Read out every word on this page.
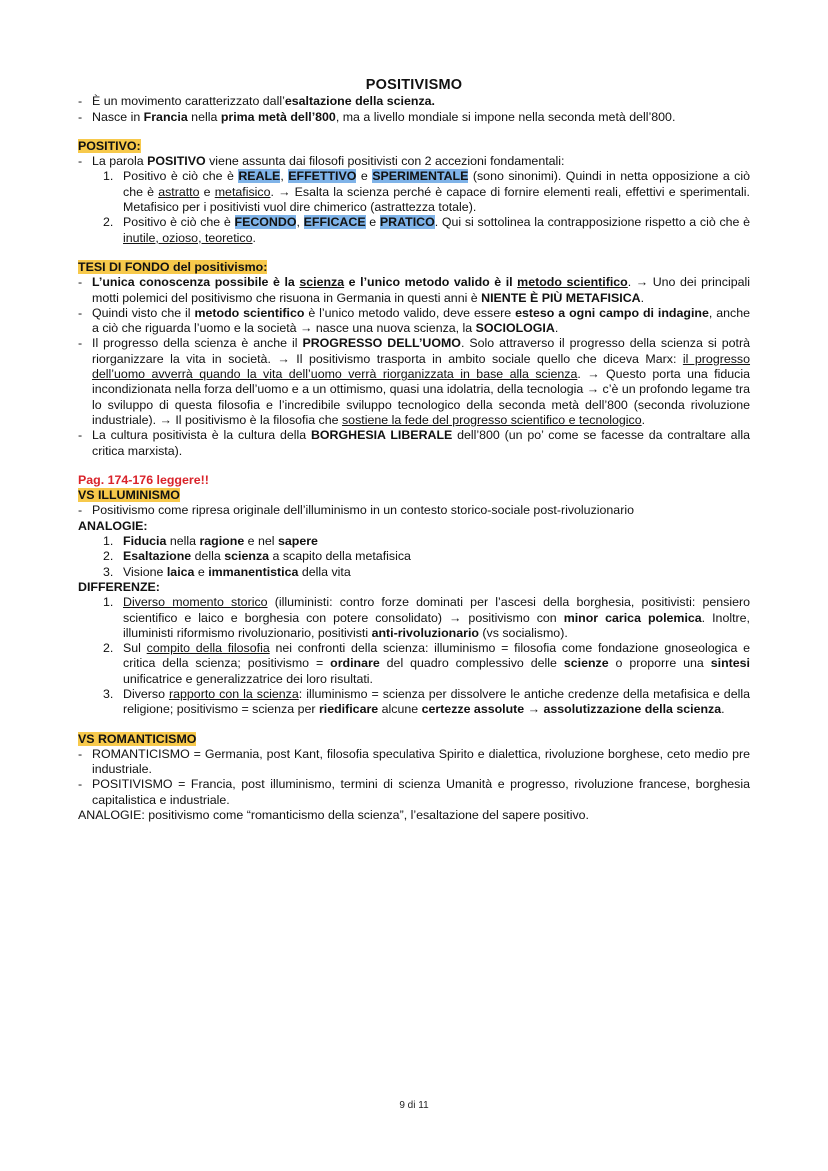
POSITIVISMO
- È un movimento caratterizzato dall’esaltazione della scienza.
- Nasce in Francia nella prima metà dell’800, ma a livello mondiale si impone nella seconda metà dell’800.
POSITIVO:
- La parola POSITIVO viene assunta dai filosofi positivisti con 2 accezioni fondamentali:
1. Positivo è ciò che è REALE, EFFETTIVO e SPERIMENTALE (sono sinonimi). Quindi in netta opposizione a ciò che è astratto e metafisico. → Esalta la scienza perché è capace di fornire elementi reali, effettivi e sperimentali. Metafisico per i positivisti vuol dire chimerico (astrattezza totale).
2. Positivo è ciò che è FECONDO, EFFICACE e PRATICO. Qui si sottolinea la contrapposizione rispetto a ciò che è inutile, ozioso, teoretico.
TESI DI FONDO del positivismo:
- L’unica conoscenza possibile è la scienza e l’unico metodo valido è il metodo scientifico. → Uno dei principali motti polemici del positivismo che risuona in Germania in questi anni è NIENTE È PIÙ METAFISICA.
- Quindi visto che il metodo scientifico è l’unico metodo valido, deve essere esteso a ogni campo di indagine, anche a ciò che riguarda l’uomo e la società → nasce una nuova scienza, la SOCIOLOGIA.
- Il progresso della scienza è anche il PROGRESSO DELL’UOMO. Solo attraverso il progresso della scienza si potrà riorganizzare la vita in società. → Il positivismo trasporta in ambito sociale quello che diceva Marx: il progresso dell’uomo avverrà quando la vita dell’uomo verrà riorganizzata in base alla scienza. → Questo porta una fiducia incondizionata nella forza dell’uomo e a un ottimismo, quasi una idolatria, della tecnologia → c’è un profondo legame tra lo sviluppo di questa filosofia e l’incredibile sviluppo tecnologico della seconda metà dell’800 (seconda rivoluzione industriale). → Il positivismo è la filosofia che sostiene la fede del progresso scientifico e tecnologico.
- La cultura positivista è la cultura della BORGHESIA LIBERALE dell’800 (un po’ come se facesse da contraltare alla critica marxista).
Pag. 174-176 leggere!!
VS ILLUMINISMO
- Positivismo come ripresa originale dell’illuminismo in un contesto storico-sociale post-rivoluzionario
ANALOGIE:
1. Fiducia nella ragione e nel sapere
2. Esaltazione della scienza a scapito della metafisica
3. Visione laica e immanentistica della vita
DIFFERENZE:
1. Diverso momento storico (illuministi: contro forze dominati per l’ascesi della borghesia, positivisti: pensiero scientifico e laico e borghesia con potere consolidato) → positivismo con minor carica polemica. Inoltre, illuministi riformismo rivoluzionario, positivisti anti-rivoluzionario (vs socialismo).
2. Sul compito della filosofia nei confronti della scienza: illuminismo = filosofia come fondazione gnoseologica e critica della scienza; positivismo = ordinare del quadro complessivo delle scienze o proporre una sintesi unificatrice e generalizzatrice dei loro risultati.
3. Diverso rapporto con la scienza: illuminismo = scienza per dissolvere le antiche credenze della metafisica e della religione; positivismo = scienza per riedificare alcune certezze assolute → assolutizzazione della scienza.
VS ROMANTICISMO
- ROMANTICISMO = Germania, post Kant, filosofia speculativa Spirito e dialettica, rivoluzione borghese, ceto medio pre industriale.
- POSITIVISMO = Francia, post illuminismo, termini di scienza Umanità e progresso, rivoluzione francese, borghesia capitalistica e industriale.
ANALOGIE: positivismo come “romanticismo della scienza”, l’esaltazione del sapere positivo.
9 di 11
